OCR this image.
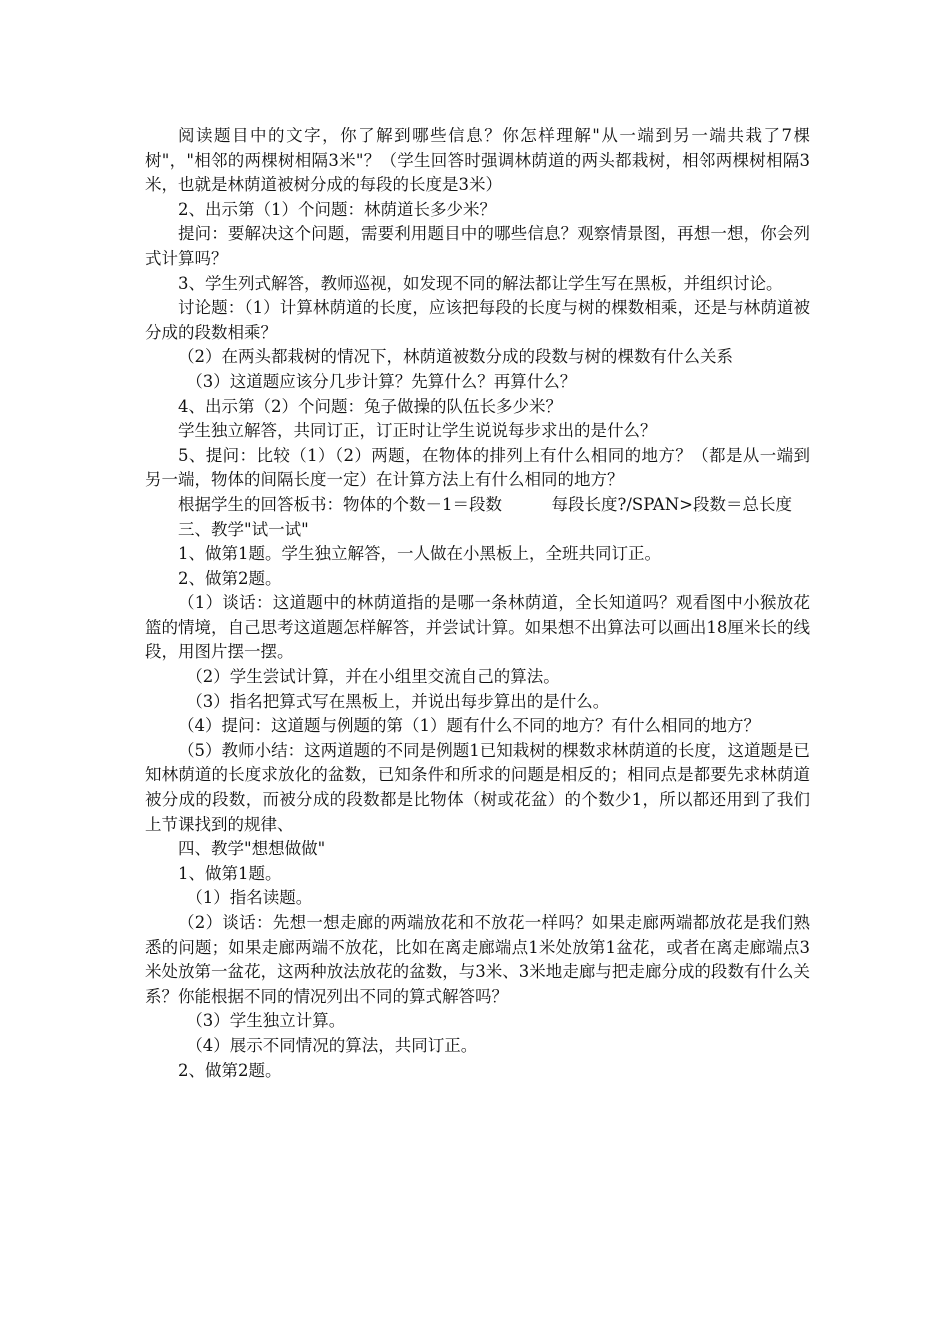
阅读题目中的文字，你了解到哪些信息？你怎样理解"从一端到另一端共栽了7棵树"，"相邻的两棵树相隔3米"？（学生回答时强调林荫道的两头都栽树，相邻两棵树相隔3米，也就是林荫道被树分成的每段的长度是3米）

2、出示第（1）个问题：林荫道长多少米？

提问：要解决这个问题，需要利用题目中的哪些信息？观察情景图，再想一想，你会列式计算吗？

3、学生列式解答，教师巡视，如发现不同的解法都让学生写在黑板，并组织讨论。

讨论题：（1）计算林荫道的长度，应该把每段的长度与树的棵数相乘，还是与林荫道被分成的段数相乘？

（2）在两头都栽树的情况下，林荫道被数分成的段数与树的棵数有什么关系

（3）这道题应该分几步计算？先算什么？再算什么？

4、出示第（2）个问题：兔子做操的队伍长多少米？

学生独立解答，共同订正，订正时让学生说说每步求出的是什么？

5、提问：比较（1）（2）两题，在物体的排列上有什么相同的地方？（都是从一端到另一端，物体的间隔长度一定）在计算方法上有什么相同的地方？

根据学生的回答板书：物体的个数－1＝段数　　　每段长度?/SPAN>段数＝总长度

三、教学"试一试"

1、做第1题。学生独立解答，一人做在小黑板上，全班共同订正。

2、做第2题。

（1）谈话：这道题中的林荫道指的是哪一条林荫道，全长知道吗？观看图中小猴放花篮的情境，自己思考这道题怎样解答，并尝试计算。如果想不出算法可以画出18厘米长的线段，用图片摆一摆。

（2）学生尝试计算，并在小组里交流自己的算法。

（3）指名把算式写在黑板上，并说出每步算出的是什么。

（4）提问：这道题与例题的第（1）题有什么不同的地方？有什么相同的地方？

（5）教师小结：这两道题的不同是例题1已知栽树的棵数求林荫道的长度，这道题是已知林荫道的长度求放化的盆数，已知条件和所求的问题是相反的；相同点是都要先求林荫道被分成的段数，而被分成的段数都是比物体（树或花盆）的个数少1，所以都还用到了我们上节课找到的规律、

四、教学"想想做做"

1、做第1题。

（1）指名读题。

（2）谈话：先想一想走廊的两端放花和不放花一样吗？如果走廊两端都放花是我们熟悉的问题；如果走廊两端不放花，比如在离走廊端点1米处放第1盆花，或者在离走廊端点3米处放第一盆花，这两种放法放花的盆数，与3米、3米地走廊与把走廊分成的段数有什么关系？你能根据不同的情况列出不同的算式解答吗？

（3）学生独立计算。

（4）展示不同情况的算法，共同订正。

2、做第2题。
